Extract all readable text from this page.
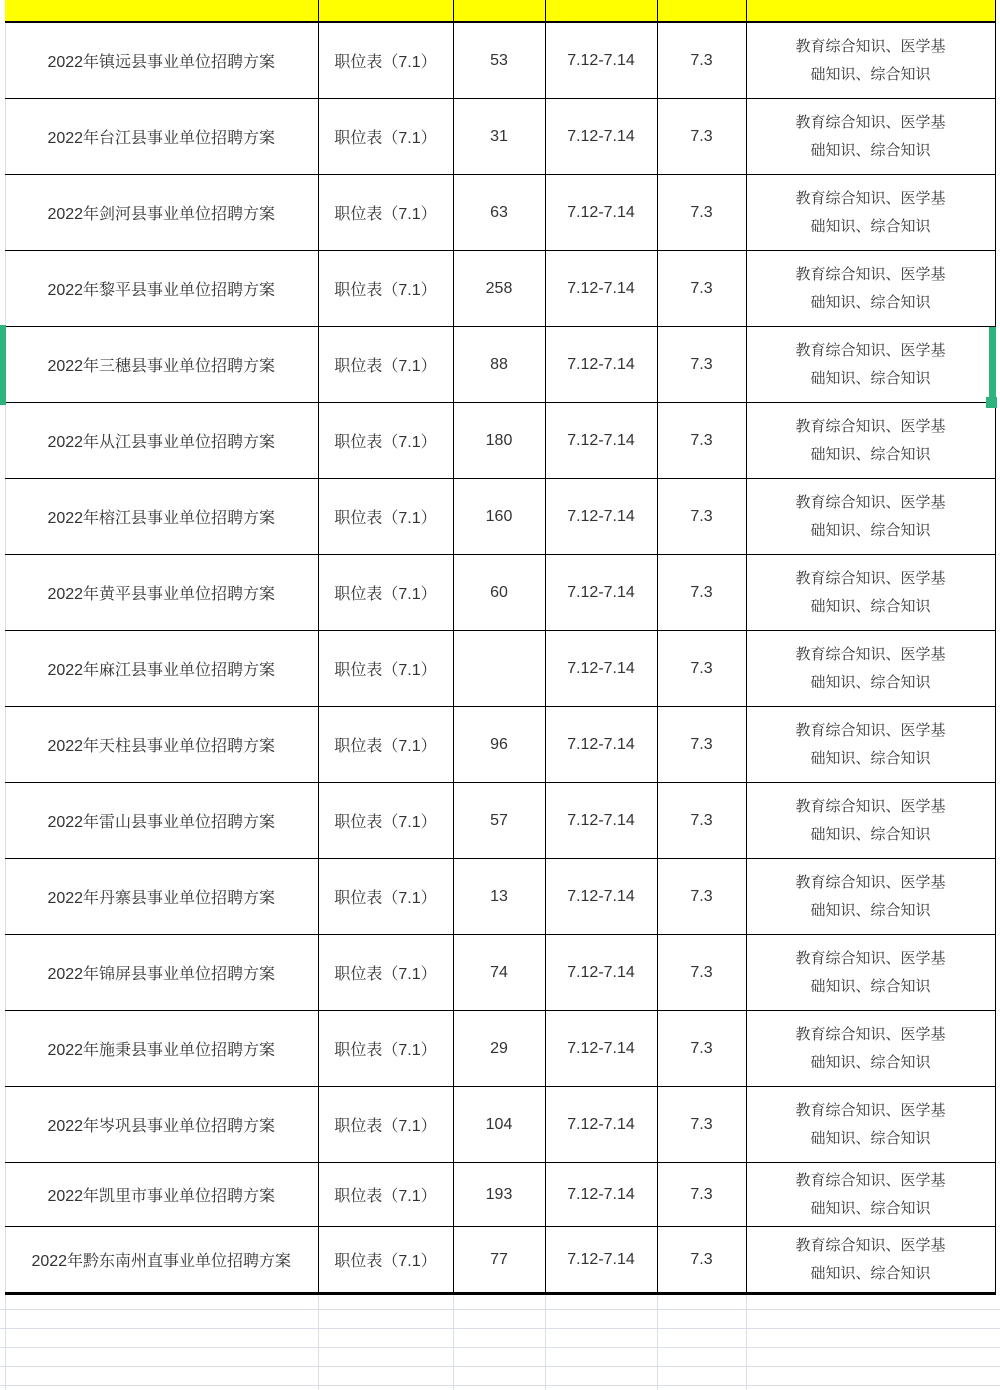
2022年镇远县事业单位招聘方案	职位表（7.1）	53	7.12-7.14	7.3	教育综合知识、医学基础知识、综合知识
2022年台江县事业单位招聘方案	职位表（7.1）	31	7.12-7.14	7.3	教育综合知识、医学基础知识、综合知识
2022年剑河县事业单位招聘方案	职位表（7.1）	63	7.12-7.14	7.3	教育综合知识、医学基础知识、综合知识
2022年黎平县事业单位招聘方案	职位表（7.1）	258	7.12-7.14	7.3	教育综合知识、医学基础知识、综合知识
2022年三穗县事业单位招聘方案	职位表（7.1）	88	7.12-7.14	7.3	教育综合知识、医学基础知识、综合知识
2022年从江县事业单位招聘方案	职位表（7.1）	180	7.12-7.14	7.3	教育综合知识、医学基础知识、综合知识
2022年榕江县事业单位招聘方案	职位表（7.1）	160	7.12-7.14	7.3	教育综合知识、医学基础知识、综合知识
2022年黄平县事业单位招聘方案	职位表（7.1）	60	7.12-7.14	7.3	教育综合知识、医学基础知识、综合知识
2022年麻江县事业单位招聘方案	职位表（7.1）		7.12-7.14	7.3	教育综合知识、医学基础知识、综合知识
2022年天柱县事业单位招聘方案	职位表（7.1）	96	7.12-7.14	7.3	教育综合知识、医学基础知识、综合知识
2022年雷山县事业单位招聘方案	职位表（7.1）	57	7.12-7.14	7.3	教育综合知识、医学基础知识、综合知识
2022年丹寨县事业单位招聘方案	职位表（7.1）	13	7.12-7.14	7.3	教育综合知识、医学基础知识、综合知识
2022年锦屏县事业单位招聘方案	职位表（7.1）	74	7.12-7.14	7.3	教育综合知识、医学基础知识、综合知识
2022年施秉县事业单位招聘方案	职位表（7.1）	29	7.12-7.14	7.3	教育综合知识、医学基础知识、综合知识
2022年岑巩县事业单位招聘方案	职位表（7.1）	104	7.12-7.14	7.3	教育综合知识、医学基础知识、综合知识
2022年凯里市事业单位招聘方案	职位表（7.1）	193	7.12-7.14	7.3	教育综合知识、医学基础知识、综合知识
2022年黔东南州直事业单位招聘方案	职位表（7.1）	77	7.12-7.14	7.3	教育综合知识、医学基础知识、综合知识
